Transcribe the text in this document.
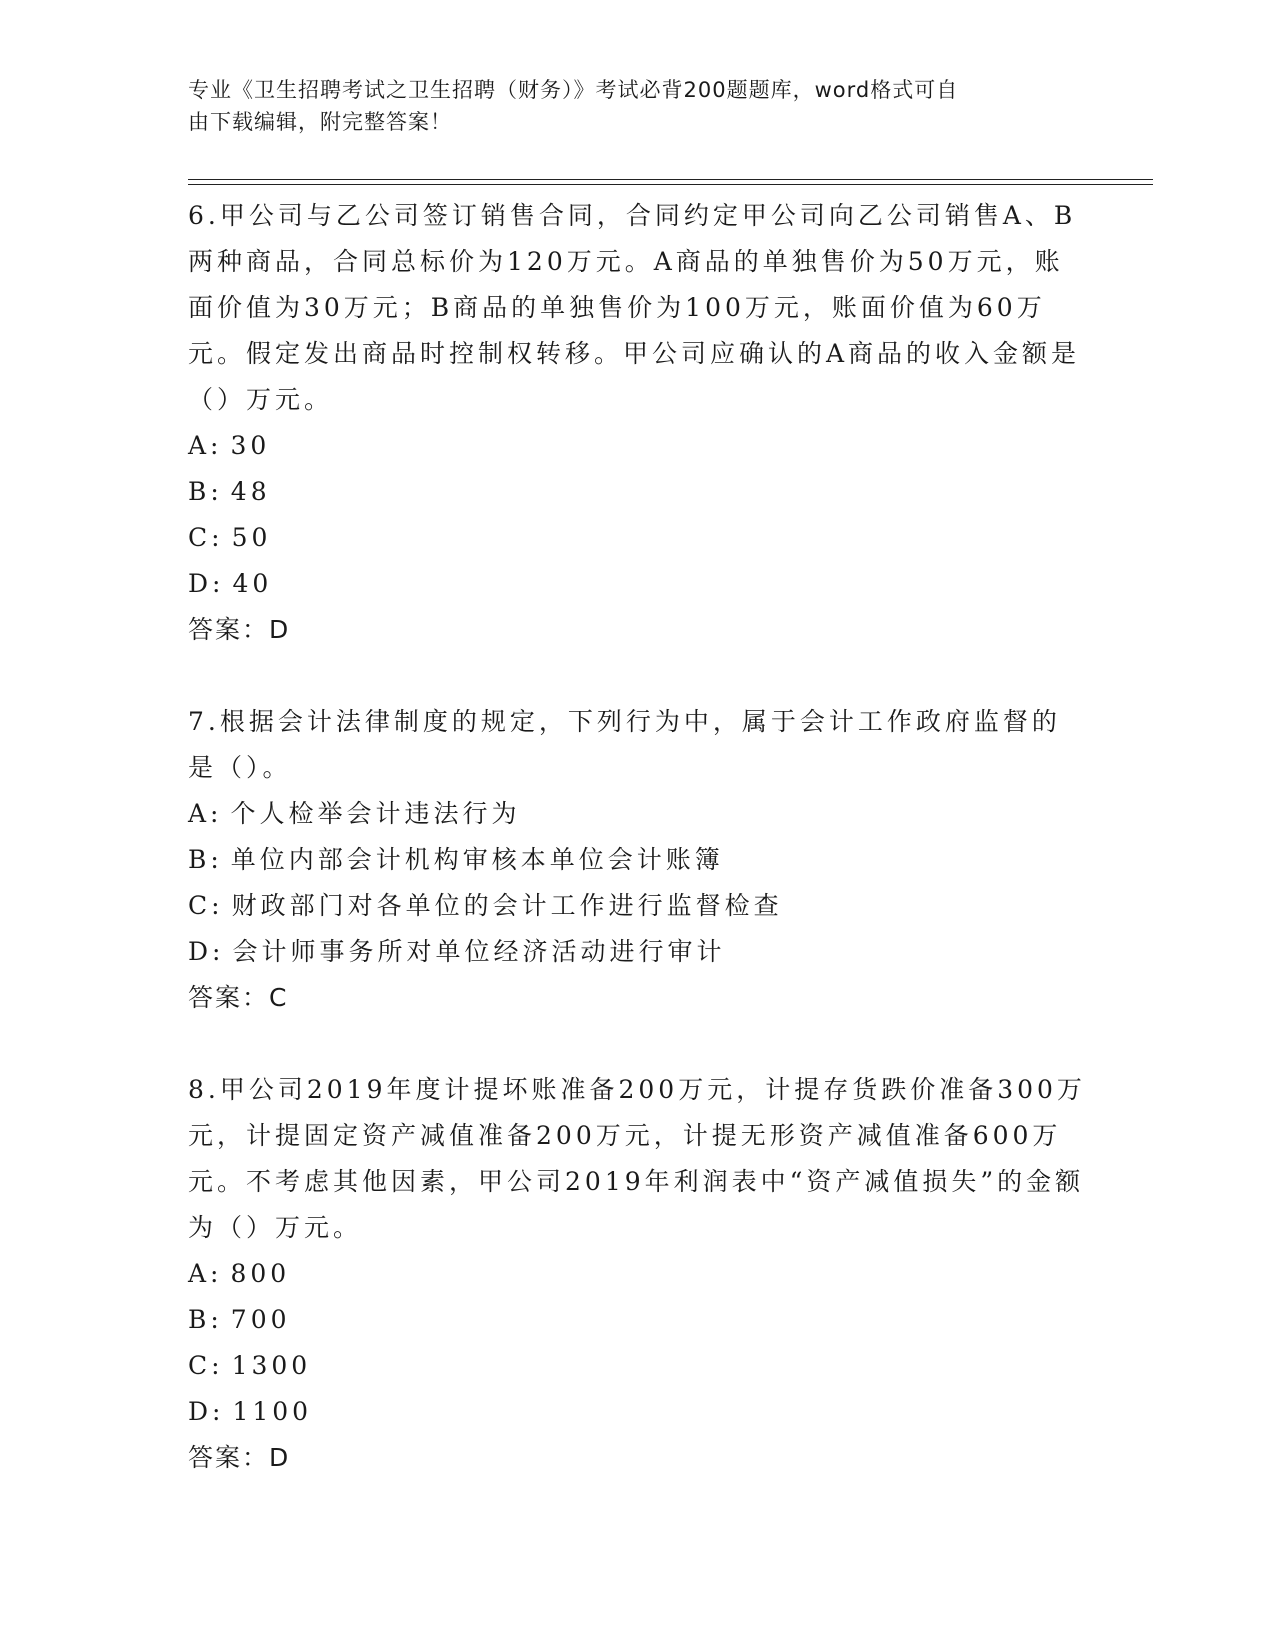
专业《卫生招聘考试之卫生招聘（财务）》考试必背200题题库，word格式可自
由下载编辑，附完整答案！

6.甲公司与乙公司签订销售合同，合同约定甲公司向乙公司销售A、B两种商品，合同总标价为120万元。A商品的单独售价为50万元，账面价值为30万元；B商品的单独售价为100万元，账面价值为60万元。假定发出商品时控制权转移。甲公司应确认的A商品的收入金额是（）万元。

A: 30

B: 48

C: 50

D: 40

答案：D

7.根据会计法律制度的规定，下列行为中，属于会计工作政府监督的是（）。

A: 个人检举会计违法行为

B: 单位内部会计机构审核本单位会计账簿

C: 财政部门对各单位的会计工作进行监督检查

D: 会计师事务所对单位经济活动进行审计

答案：C

8.甲公司2019年度计提坏账准备200万元，计提存货跌价准备300万元，计提固定资产减值准备200万元，计提无形资产减值准备600万元。不考虑其他因素，甲公司2019年利润表中“资产减值损失”的金额为（）万元。

A: 800

B: 700

C: 1300

D: 1100

答案：D
